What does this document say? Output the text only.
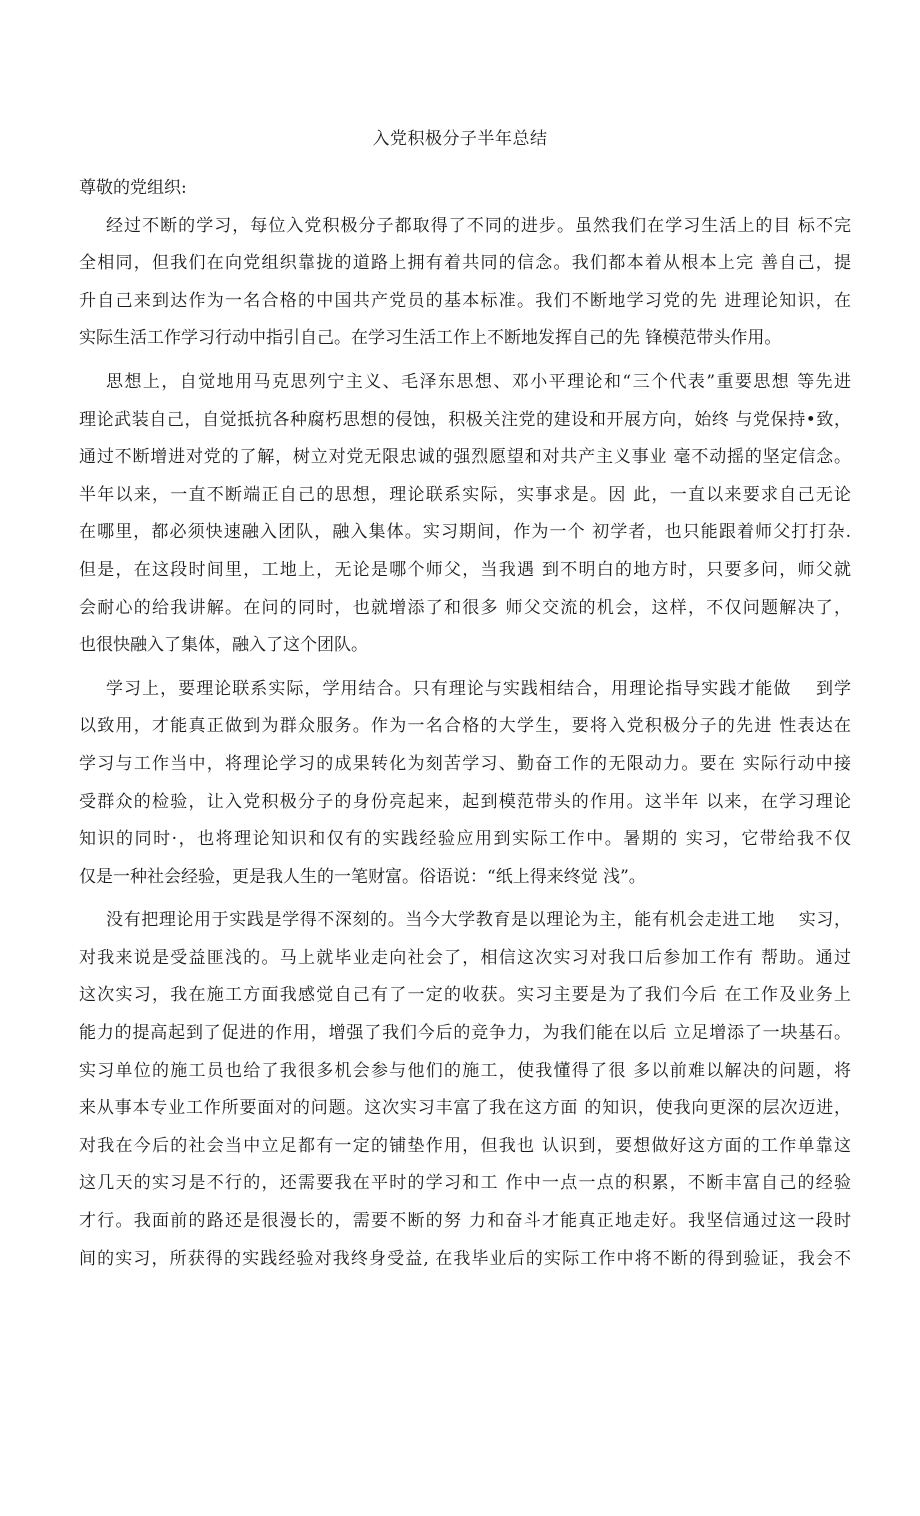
入党积极分子半年总结
尊敬的党组织:
经过不断的学习，每位入党积极分子都取得了不同的进步。虽然我们在学习生活上的目 标不完
全相同，但我们在向党组织靠拢的道路上拥有着共同的信念。我们都本着从根本上完 善自己，提
升自己来到达作为一名合格的中国共产党员的基本标准。我们不断地学习党的先 进理论知识，在
实际生活工作学习行动中指引自己。在学习生活工作上不断地发挥自己的先 锋模范带头作用。
思想上，自觉地用马克思列宁主义、毛泽东思想、邓小平理论和“三个代表”重要思想 等先进
理论武装自己，自觉抵抗各种腐朽思想的侵蚀，积极关注党的建设和开展方向，始终 与党保持•致，
通过不断增进对党的了解，树立对党无限忠诚的强烈愿望和对共产主义事业 毫不动摇的坚定信念。
半年以来，一直不断端正自己的思想，理论联系实际，实事求是。因 此，一直以来要求自己无论
在哪里，都必须快速融入团队，融入集体。实习期间，作为一个 初学者，也只能跟着师父打打杂.
但是，在这段时间里，工地上，无论是哪个师父，当我遇 到不明白的地方时，只要多问，师父就
会耐心的给我讲解。在问的同时，也就增添了和很多 师父交流的机会，这样，不仅问题解决了，
也很快融入了集体，融入了这个团队。
学习上，要理论联系实际，学用结合。只有理论与实践相结合，用理论指导实践才能做　 到学
以致用，才能真正做到为群众服务。作为一名合格的大学生，要将入党积极分子的先进 性表达在
学习与工作当中，将理论学习的成果转化为刻苦学习、勤奋工作的无限动力。要在 实际行动中接
受群众的检验，让入党积极分子的身份亮起来，起到模范带头的作用。这半年 以来，在学习理论
知识的同时·，也将理论知识和仅有的实践经验应用到实际工作中。暑期的 实习，它带给我不仅
仅是一种社会经验，更是我人生的一笔财富。俗语说：“纸上得来终觉 浅”。
没有把理论用于实践是学得不深刻的。当今大学教育是以理论为主，能有机会走进工地　 实习，
对我来说是受益匪浅的。马上就毕业走向社会了，相信这次实习对我口后参加工作有 帮助。通过
这次实习，我在施工方面我感觉自己有了一定的收获。实习主要是为了我们今后 在工作及业务上
能力的提高起到了促进的作用，增强了我们今后的竞争力，为我们能在以后 立足增添了一块基石。
实习单位的施工员也给了我很多机会参与他们的施工，使我懂得了很 多以前难以解决的问题，将
来从事本专业工作所要面对的问题。这次实习丰富了我在这方面 的知识，使我向更深的层次迈进，
对我在今后的社会当中立足都有一定的铺垫作用，但我也 认识到，要想做好这方面的工作单靠这
这几天的实习是不行的，还需要我在平时的学习和工 作中一点一点的积累，不断丰富自己的经验
才行。我面前的路还是很漫长的，需要不断的努 力和奋斗才能真正地走好。我坚信通过这一段时
间的实习，所获得的实践经验对我终身受益, 在我毕业后的实际工作中将不断的得到验证，我会不
